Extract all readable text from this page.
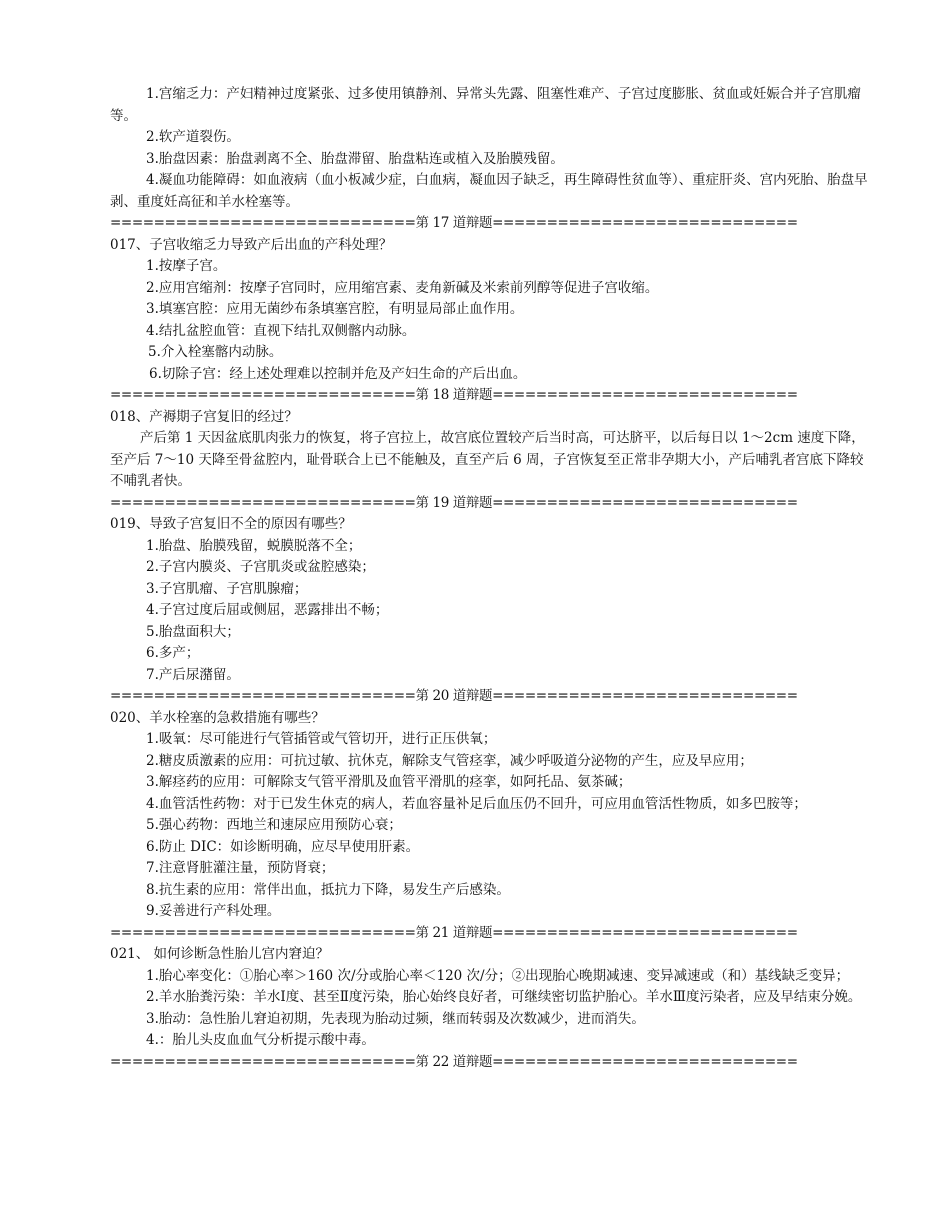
1.宫缩乏力：产妇精神过度紧张、过多使用镇静剂、异常头先露、阻塞性难产、子宫过度膨胀、贫血或妊娠合并子宫肌瘤等。
2.软产道裂伤。
3.胎盘因素：胎盘剥离不全、胎盘滞留、胎盘粘连或植入及胎膜残留。
4.凝血功能障碍：如血液病（血小板减少症，白血病，凝血因子缺乏，再生障碍性贫血等）、重症肝炎、宫内死胎、胎盘早剥、重度妊高征和羊水栓塞等。
============================第 17 道辩题============================
017、子宫收缩乏力导致产后出血的产科处理？
1.按摩子宫。
2.应用宫缩剂：按摩子宫同时，应用缩宫素、麦角新碱及米索前列醇等促进子宫收缩。
3.填塞宫腔：应用无菌纱布条填塞宫腔，有明显局部止血作用。
4.结扎盆腔血管：直视下结扎双侧髂内动脉。
5.介入栓塞髂内动脉。
6.切除子宫：经上述处理难以控制并危及产妇生命的产后出血。
============================第 18 道辩题============================
018、产褥期子宫复旧的经过？
产后第 1 天因盆底肌肉张力的恢复，将子宫拉上，故宫底位置较产后当时高，可达脐平，以后每日以 1～2cm 速度下降，至产后 7～10 天降至骨盆腔内，耻骨联合上已不能触及，直至产后 6 周，子宫恢复至正常非孕期大小，产后哺乳者宫底下降较不哺乳者快。
============================第 19 道辩题============================
019、导致子宫复旧不全的原因有哪些？
1.胎盘、胎膜残留，蜕膜脱落不全；
2.子宫内膜炎、子宫肌炎或盆腔感染；
3.子宫肌瘤、子宫肌腺瘤；
4.子宫过度后屈或侧屈，恶露排出不畅；
5.胎盘面积大；
6.多产；
7.产后尿潴留。
============================第 20 道辩题============================
020、羊水栓塞的急救措施有哪些？
1.吸氧：尽可能进行气管插管或气管切开，进行正压供氧；
2.糖皮质激素的应用：可抗过敏、抗休克，解除支气管痉挛，减少呼吸道分泌物的产生，应及早应用；
3.解痉药的应用：可解除支气管平滑肌及血管平滑肌的痉挛，如阿托品、氨茶碱；
4.血管活性药物：对于已发生休克的病人，若血容量补足后血压仍不回升，可应用血管活性物质，如多巴胺等；
5.强心药物：西地兰和速尿应用预防心衰；
6.防止 DIC：如诊断明确，应尽早使用肝素。
7.注意肾脏灌注量，预防肾衰；
8.抗生素的应用：常伴出血，抵抗力下降，易发生产后感染。
9.妥善进行产科处理。
============================第 21 道辩题============================
021、 如何诊断急性胎儿宫内窘迫？
1.胎心率变化：①胎心率＞160 次/分或胎心率＜120 次/分；②出现胎心晚期减速、变异减速或（和）基线缺乏变异；
2.羊水胎粪污染：羊水Ⅰ度、甚至Ⅱ度污染，胎心始终良好者，可继续密切监护胎心。羊水Ⅲ度污染者，应及早结束分娩。
3.胎动：急性胎儿窘迫初期，先表现为胎动过频，继而转弱及次数减少，进而消失。
4.：胎儿头皮血血气分析提示酸中毒。
============================第 22 道辩题============================
